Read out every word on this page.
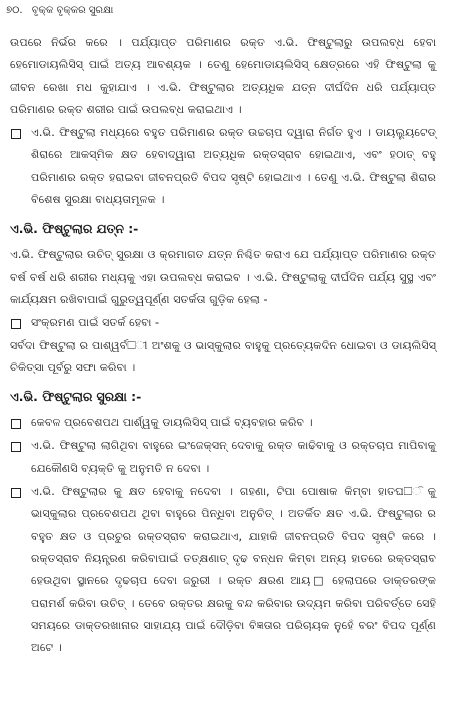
୭୦. ବୃକ୍କ ବୃକ୍କର ସୁରକ୍ଷା

ଉପରେ ନିର୍ଭର କରେ । ପର୍ଯ୍ୟାପ୍ତ ପରିମାଣର ରକ୍ତ ଏ.ଭି. ଫିଷ୍ଟୁଲାରୁ ଉପଲବ୍ଧ ହେବା ହେମୋଡାୟଲିସିସ୍ ପାଇଁ ଅତ୍ୟ ଆବଶ୍ୟକ । ତେଣୁ ହେମୋଡାୟଲିସିସ୍ କ୍ଷେତ୍ରରେ ଏହି ଫିଷ୍ଟୁଲା କୁ ଜୀବନ ରେଖା ମଧ କୁହାଯାଏ । ଏ.ଭି. ଫିଷ୍ଟୁଲାର ଅତ୍ୟଧିକ ଯତ୍ନ ଦୀର୍ଘଦିନ ଧରି ପର୍ଯ୍ୟାପ୍ତ ପରିମାଣର ରକ୍ତ ଶରୀର ପାଇଁ ଉପଲବ୍ଧ କରାଇଥାଏ ।

ଏ.ଭି. ଫିଷ୍ଟୁଲା ମଧ୍ୟରେ ବହୁତ ପରିମାଣର ରକ୍ତ ଉଚ୍ଚଚାପ ଦ୍ୱାରା ନିର୍ଗତ ହୁଏ । ଡାୟଲ୍ୟୁଟେଡ୍ ଶିରାରେ ଆକସ୍ମିକ କ୍ଷତ ହେବାଦ୍ୱାରା ଅତ୍ୟଧିକ ରକ୍ତସ୍ରାବ ହୋଇଥାଏ, ଏବଂ ହଠାତ୍ ବହୁ ପରିମାଣର ରକ୍ତ ହରାଇବା ଜୀବନପ୍ରତି ବିପଦ ସୃଷ୍ଟି ହୋଇଥାଏ । ତେଣୁ ଏ.ଭି. ଫିଷ୍ଟୁଲା ଶିରାର ବିଶେଷ ସୁରକ୍ଷା ବାଧ୍ୟତାମୂଳକ ।
ଏ.ଭି. ଫିଷ୍ଟୁଲାର ଯତ୍ନ :-

ଏ.ଭି. ଫିଷ୍ଟୁଲାର ଉଚିତ୍ ସୁରକ୍ଷା ଓ କ୍ରମାଗତ ଯତ୍ନ ନିଶ୍ଚିତ କରାଏ ଯେ ପର୍ଯ୍ୟାପ୍ତ ପରିମାଣର ରକ୍ତ ବର୍ଷ ବର୍ଷ ଧରି ଶରୀର ମଧ୍ୟକୁ ଏହା ଉପଲବ୍ଧ କରାଇବ । ଏ.ଭି. ଫିଷ୍ଟୁଲାକୁ ଦୀର୍ଘଦିନ ପର୍ଯ୍ୟ ସୁସ୍ଥ ଏବଂ କାର୍ଯ୍ୟକ୍ଷମ ରଖିବାପାଇଁ ଗୁରୁତ୍ୱପୂର୍ଣ୍ଣ ସତର୍କତା ଗୁଡ଼ିକ ହେଲା -

ସଂକ୍ରମଣ ପାଇଁ ସତର୍କ ହେବା -

ସର୍ବଦା ଫିଷ୍ଟୁଲା ର ପାଶ୍ୱର୍ବ□ୀ ଅଂଶକୁ ଓ ଭାସ୍କୁଲାର ବାହୁକୁ ପ୍ରତ୍ୟେକଦିନ ଧୋଇବା ଓ ଡାୟଲିସିସ୍ ଚିକିତ୍ସା ପୂର୍ବରୁ ସଫା କରିବା ।

ଏ.ଭି. ଫିଷ୍ଟୁଲାର ସୁରକ୍ଷା :-
କେବଳ ପ୍ରବେଶପଥ ପାର୍ଶ୍ୱକୁ ଡାୟଲିସିସ୍ ପାଇଁ ବ୍ୟବହାର କରିବ ।
ଏ.ଭି. ଫିଷ୍ଟୁଲା ଲାଗିଥିବା ବାହୁରେ ଇଂଜେକ୍ସନ୍ ଦେବାକୁ ରକ୍ତ କାଢିବାକୁ ଓ ରକ୍ତଚାପ ମାପିବାକୁ ଯେକୌଣସି ବ୍ୟକ୍ତି କୁ ଅନୁମତି ନ ଦେବା ।
ଏ.ଭି. ଫିଷ୍ଟୁଲାର କୁ କ୍ଷତ ହେବାକୁ ନଦେବା । ଗହଣା, ଟିପା ପୋଷାକ କିମ୍ବା ହାତଘ□ିକୁ ଭାସ୍କୁଲାର ପ୍ରବେଶପଥ ଥିବା ବାହୁରେ ପିନ୍ଧିବା ଅନୁଚିତ୍ । ଅତର୍କିତ କ୍ଷତ ଏ.ଭି. ଫିଷ୍ଟୁଲାର ର ବହୁତ କ୍ଷତ ଓ ପ୍ରଚୁର ରକ୍ତସ୍ରାବ କରାଇଥାଏ, ଯାହାକି ଜୀବନପ୍ରତି ବିପଦ ସୃଷ୍ଟି କରେ । ରକ୍ତସ୍ରାବ ନିୟନ୍ତ୍ରଣ କରିବାପାଇଁ ତତ୍‌କ୍ଷଣାତ୍ ଦୃଢ ବନ୍ଧନ କିମ୍ବା ଅନ୍ୟ ହାତରେ ରକ୍ତସ୍ରାବ ହେଉଥିବା ସ୍ଥାନରେ ଦୃଢଚାପ ଦେବା ଜରୁରୀ । ରକ୍ତ କ୍ଷରଣ ଆୟ□ ହେଲାପରେ ଡାକ୍ତରଙ୍କ ପରାମର୍ଶ କରିବା ଉଚିତ୍ । ତେବେ ରକ୍ତର କ୍ଷରକୁ ବନ୍ଦ କରିବାର ଉଦ୍ୟମ କରିବା ପରିବର୍ତ୍ତେ ସେହି ସମୟରେ ଡାକ୍ତରଖାନାର ସାହାଯ୍ୟ ପାଇଁ ଦୌଡ଼ିବା ବିଜ୍ଞତାର ପରିଚାୟକ ନୁହେଁ ବରଂ ବିପଦ ପୂର୍ଣ୍ଣ ଅଟେ ।
